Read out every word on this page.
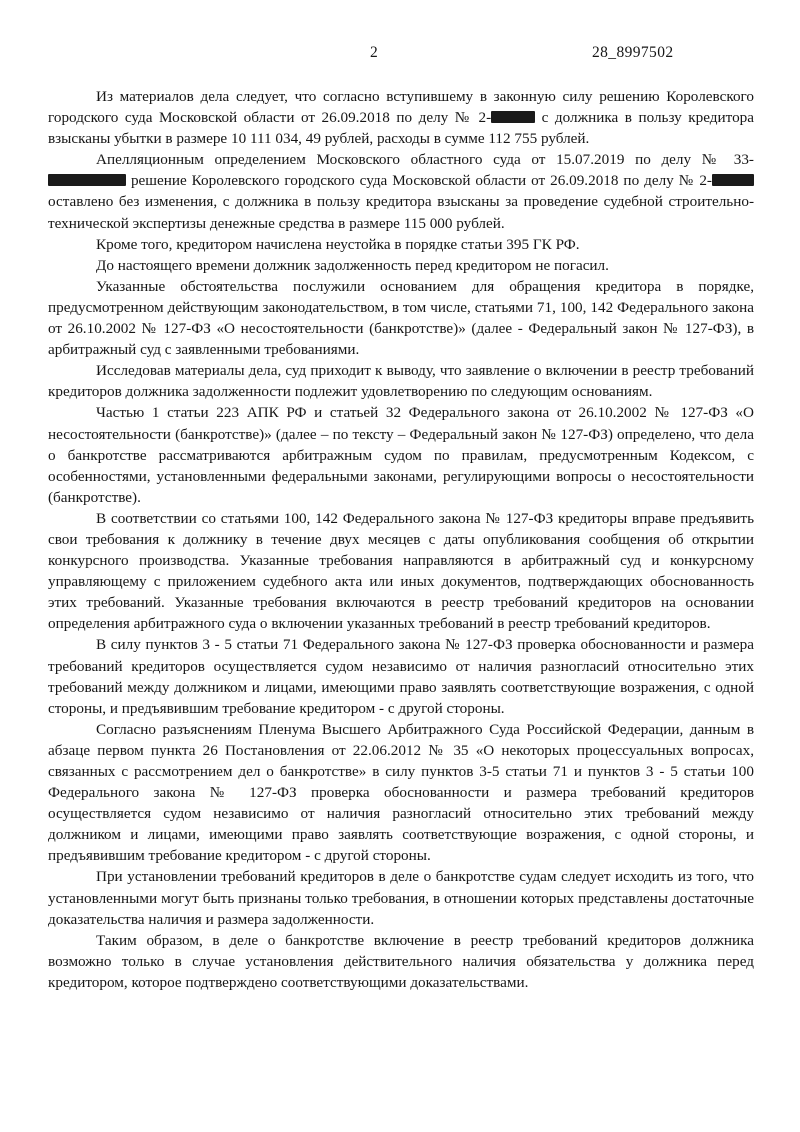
2	28_8997502

Из материалов дела следует, что согласно вступившему в законную силу решению Королевского городского суда Московской области от 26.09.2018 по делу № 2-	с должника в пользу кредитора взысканы убытки в размере 10 111 034, 49 рублей, расходы в сумме 112 755 рублей.

Апелляционным определением Московского областного суда от 15.07.2019 по делу № 33- решение Королевского городского суда Московской области от 26.09.2018 по делу № 2- оставлено без изменения, с должника в пользу кредитора взысканы за проведение судебной строительно-технической экспертизы денежные средства в размере 115 000 рублей.

Кроме того, кредитором начислена неустойка в порядке статьи 395 ГК РФ.

До настоящего времени должник задолженность перед кредитором не погасил.

Указанные обстоятельства послужили основанием для обращения кредитора в порядке, предусмотренном действующим законодательством, в том числе, статьями 71, 100, 142 Федерального закона от 26.10.2002 № 127-ФЗ «О несостоятельности (банкротстве)» (далее - Федеральный закон № 127-ФЗ), в арбитражный суд с заявленными требованиями.

Исследовав материалы дела, суд приходит к выводу, что заявление о включении в реестр требований кредиторов должника задолженности подлежит удовлетворению по следующим основаниям.

Частью 1 статьи 223 АПК РФ и статьей 32 Федерального закона от 26.10.2002 № 127-ФЗ «О несостоятельности (банкротстве)» (далее – по тексту – Федеральный закон № 127-ФЗ) определено, что дела о банкротстве рассматриваются арбитражным судом по правилам, предусмотренным Кодексом, с особенностями, установленными федеральными законами, регулирующими вопросы о несостоятельности (банкротстве).

В соответствии со статьями 100, 142 Федерального закона № 127-ФЗ кредиторы вправе предъявить свои требования к должнику в течение двух месяцев с даты опубликования сообщения об открытии конкурсного производства. Указанные требования направляются в арбитражный суд и конкурсному управляющему с приложением судебного акта или иных документов, подтверждающих обоснованность этих требований. Указанные требования включаются в реестр требований кредиторов на основании определения арбитражного суда о включении указанных требований в реестр требований кредиторов.

В силу пунктов 3 - 5 статьи 71 Федерального закона № 127-ФЗ проверка обоснованности и размера требований кредиторов осуществляется судом независимо от наличия разногласий относительно этих требований между должником и лицами, имеющими право заявлять соответствующие возражения, с одной стороны, и предъявившим требование кредитором - с другой стороны.

Согласно разъяснениям Пленума Высшего Арбитражного Суда Российской Федерации, данным в абзаце первом пункта 26 Постановления от 22.06.2012 № 35 «О некоторых процессуальных вопросах, связанных с рассмотрением дел о банкротстве» в силу пунктов 3-5 статьи 71 и пунктов 3 - 5 статьи 100 Федерального закона № 127-ФЗ проверка обоснованности и размера требований кредиторов осуществляется судом независимо от наличия разногласий относительно этих требований между должником и лицами, имеющими право заявлять соответствующие возражения, с одной стороны, и предъявившим требование кредитором - с другой стороны.

При установлении требований кредиторов в деле о банкротстве судам следует исходить из того, что установленными могут быть признаны только требования, в отношении которых представлены достаточные доказательства наличия и размера задолженности.

Таким образом, в деле о банкротстве включение в реестр требований кредиторов должника возможно только в случае установления действительного наличия обязательства у должника перед кредитором, которое подтверждено соответствующими доказательствами.
